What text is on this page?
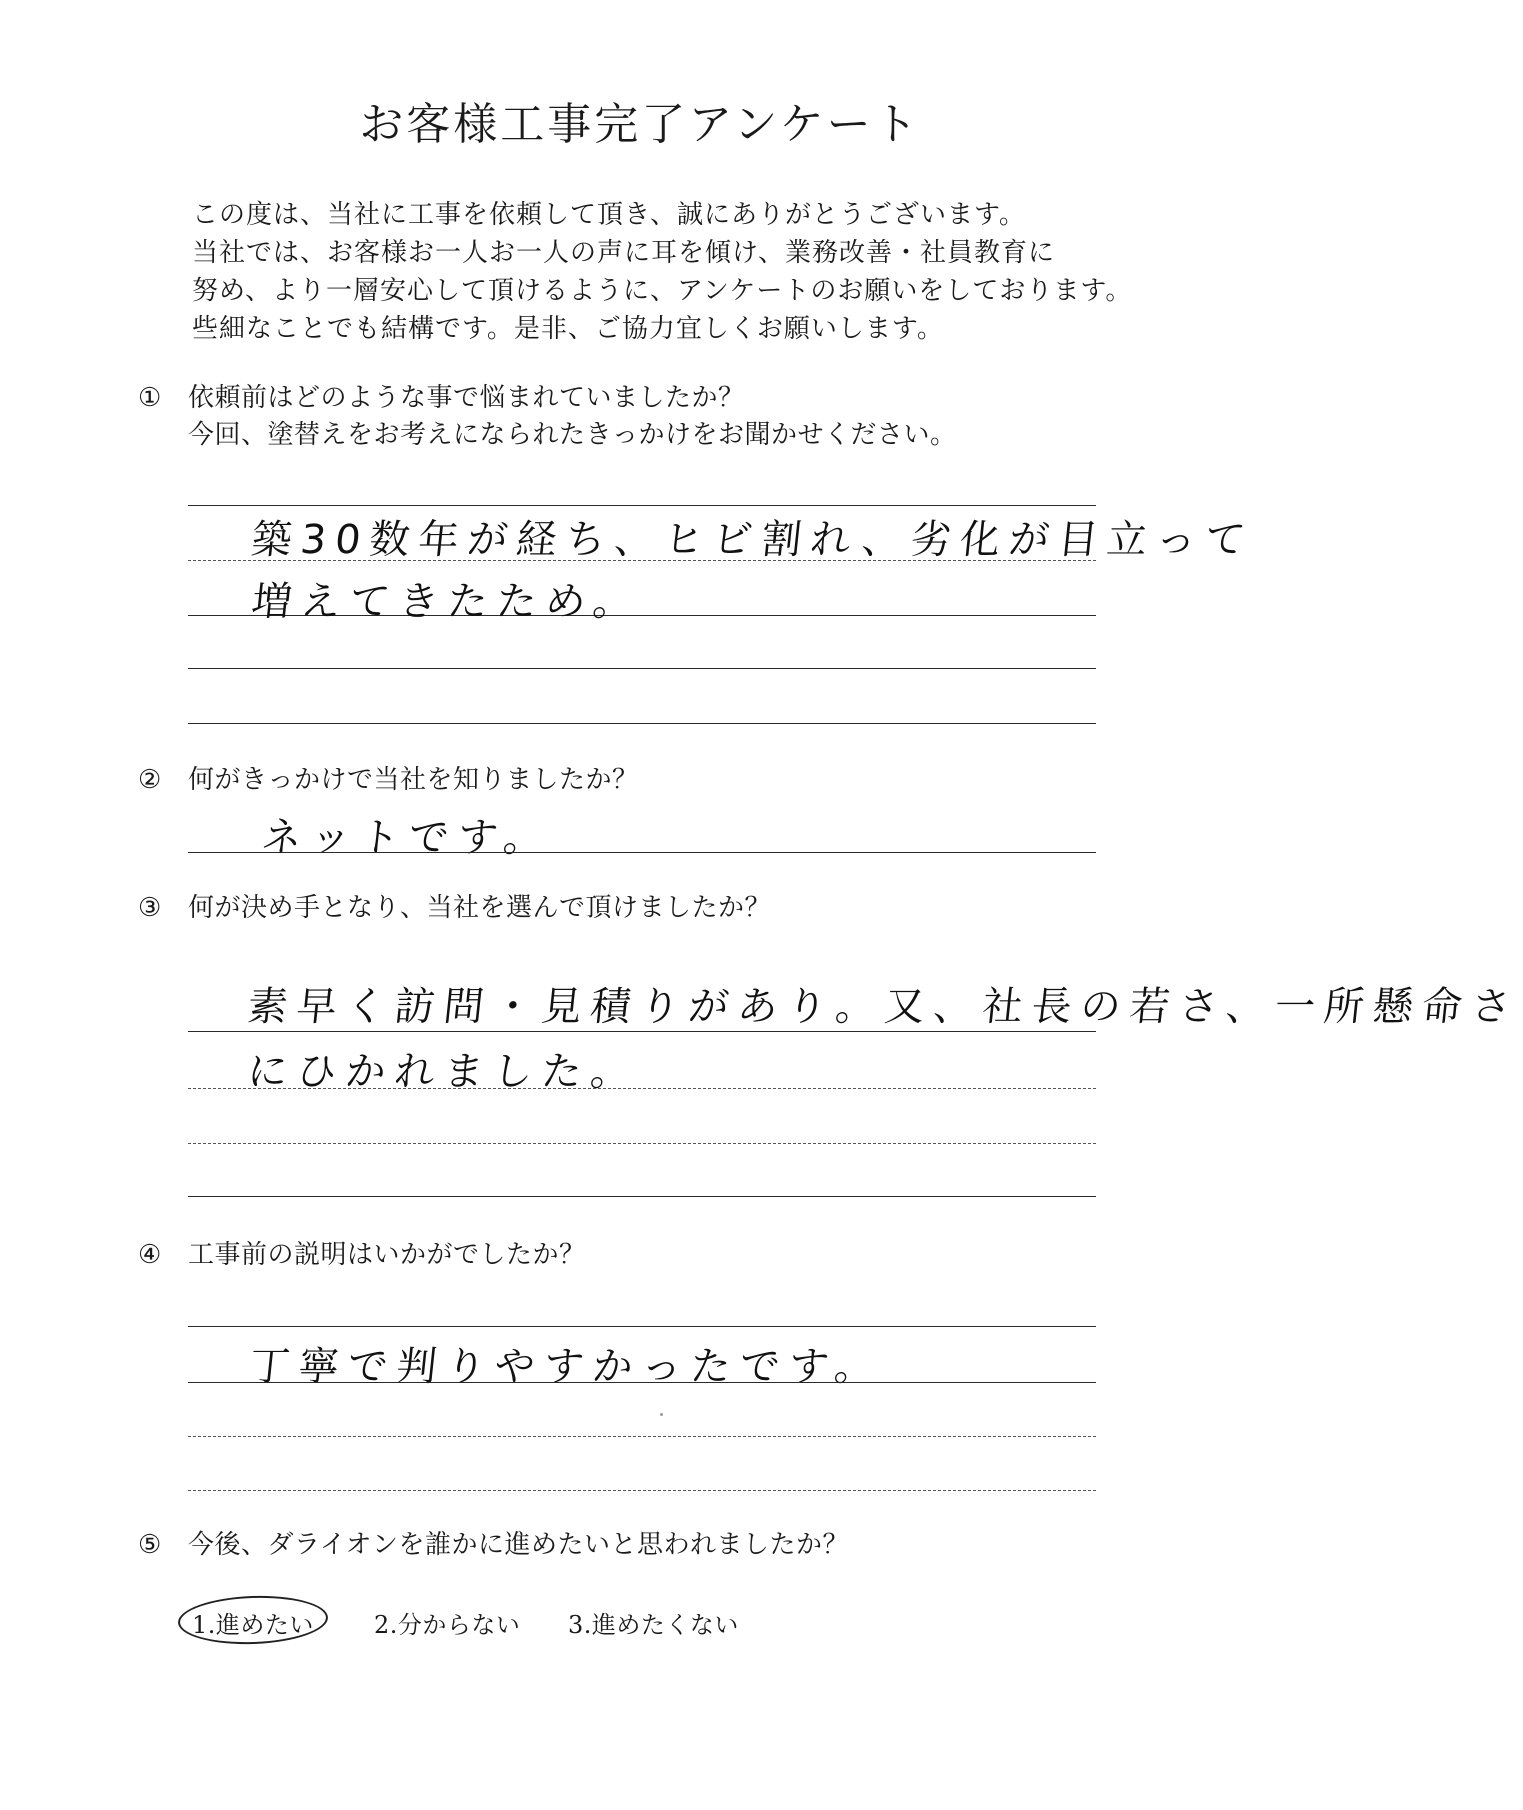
お客様工事完了アンケート
この度は、当社に工事を依頼して頂き、誠にありがとうございます。
当社では、お客様お一人お一人の声に耳を傾け、業務改善・社員教育に
努め、より一層安心して頂けるように、アンケートのお願いをしております。
些細なことでも結構です。是非、ご協力宜しくお願いします。
① 依頼前はどのような事で悩まれていましたか？
今回、塗替えをお考えになられたきっかけをお聞かせください。
築30数年が経ち、ヒビ割れ、劣化が目立って
増えてきたため。
② 何がきっかけで当社を知りましたか？
ネットです。
③ 何が決め手となり、当社を選んで頂けましたか？
素早く訪問・見積りがあり。又、社長の若さ、一所懸命さ
にひかれました。
④ 工事前の説明はいかがでしたか？
丁寧で判りやすかったです。
⑤ 今後、ダライオンを誰かに進めたいと思われましたか？
1.進めたい	2.分からない 3.進めたくない
